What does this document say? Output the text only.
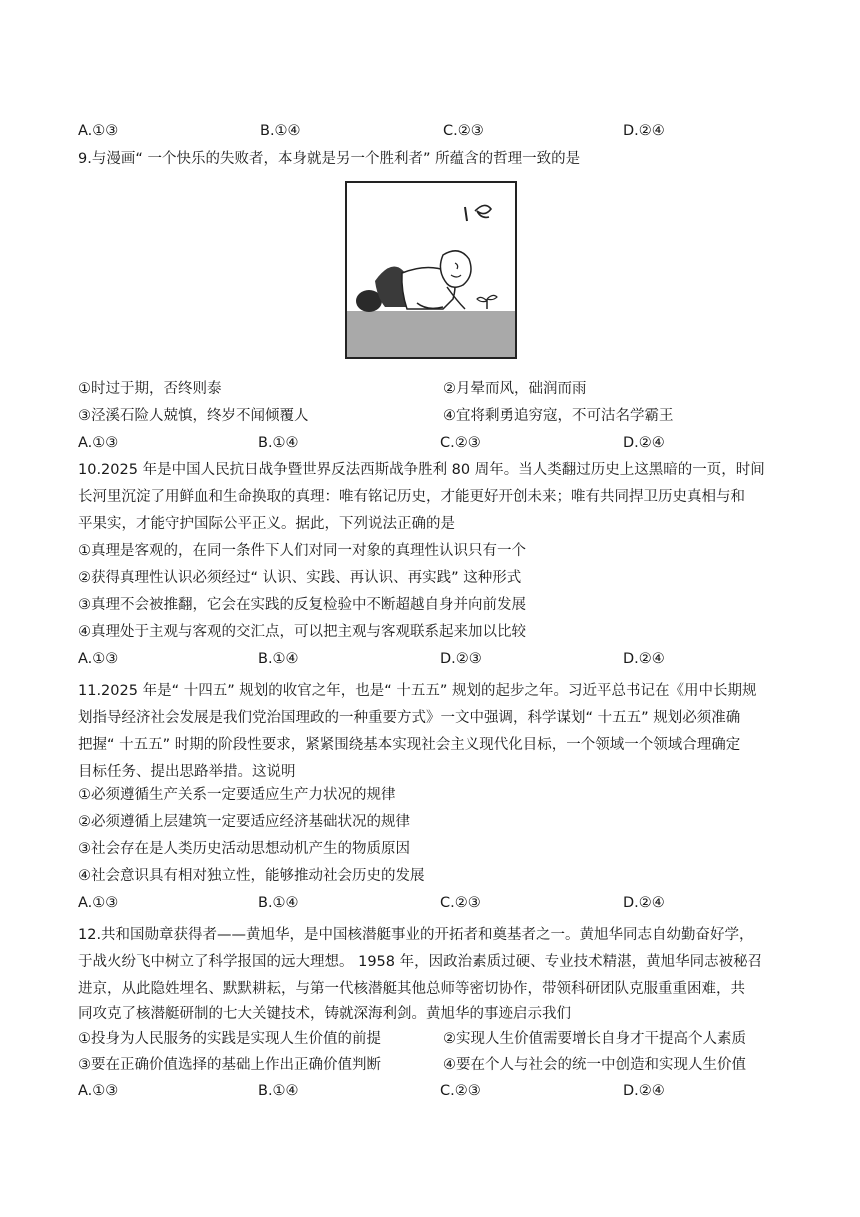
A.①③	B.①④	C.②③	D.②④
9.与漫画“ 一个快乐的失败者，本身就是另一个胜利者” 所蕴含的哲理一致的是
①时过于期，否终则泰	②月晕而风，础润而雨
③泾溪石险人兢慎，终岁不闻倾覆人	④宜将剩勇追穷寇，不可沽名学霸王
A.①③	B.①④	C.②③	D.②④
10.2025 年是中国人民抗日战争暨世界反法西斯战争胜利 80 周年。当人类翻过历史上这黑暗的一页，时间
长河里沉淀了用鲜血和生命换取的真理：唯有铭记历史，才能更好开创未来；唯有共同捍卫历史真相与和
平果实，才能守护国际公平正义。据此，下列说法正确的是
①真理是客观的，在同一条件下人们对同一对象的真理性认识只有一个
②获得真理性认识必须经过“ 认识、实践、再认识、再实践” 这种形式
③真理不会被推翻，它会在实践的反复检验中不断超越自身并向前发展
④真理处于主观与客观的交汇点，可以把主观与客观联系起来加以比较
A.①③	B.①④	D.②③	D.②④
11.2025 年是“ 十四五” 规划的收官之年，也是“ 十五五” 规划的起步之年。习近平总书记在《用中长期规
划指导经济社会发展是我们党治国理政的一种重要方式》一文中强调，科学谋划“ 十五五” 规划必须准确
把握“ 十五五” 时期的阶段性要求，紧紧围绕基本实现社会主义现代化目标，一个领域一个领域合理确定
目标任务、提出思路举措。这说明
①必须遵循生产关系一定要适应生产力状况的规律
②必须遵循上层建筑一定要适应经济基础状况的规律
③社会存在是人类历史活动思想动机产生的物质原因
④社会意识具有相对独立性，能够推动社会历史的发展
A.①③	B.①④	C.②③	D.②④
12.共和国勋章获得者——黄旭华，是中国核潜艇事业的开拓者和奠基者之一。黄旭华同志自幼勤奋好学，
于战火纷飞中树立了科学报国的远大理想。 1958 年，因政治素质过硬、专业技术精湛，黄旭华同志被秘召
进京，从此隐姓埋名、默默耕耘，与第一代核潜艇其他总师等密切协作，带领科研团队克服重重困难，共
同攻克了核潜艇研制的七大关键技术，铸就深海利剑。黄旭华的事迹启示我们
①投身为人民服务的实践是实现人生价值的前提	②实现人生价值需要增长自身才干提高个人素质
③要在正确价值选择的基础上作出正确价值判断	④要在个人与社会的统一中创造和实现人生价值
A.①③	B.①④	C.②③	D.②④
